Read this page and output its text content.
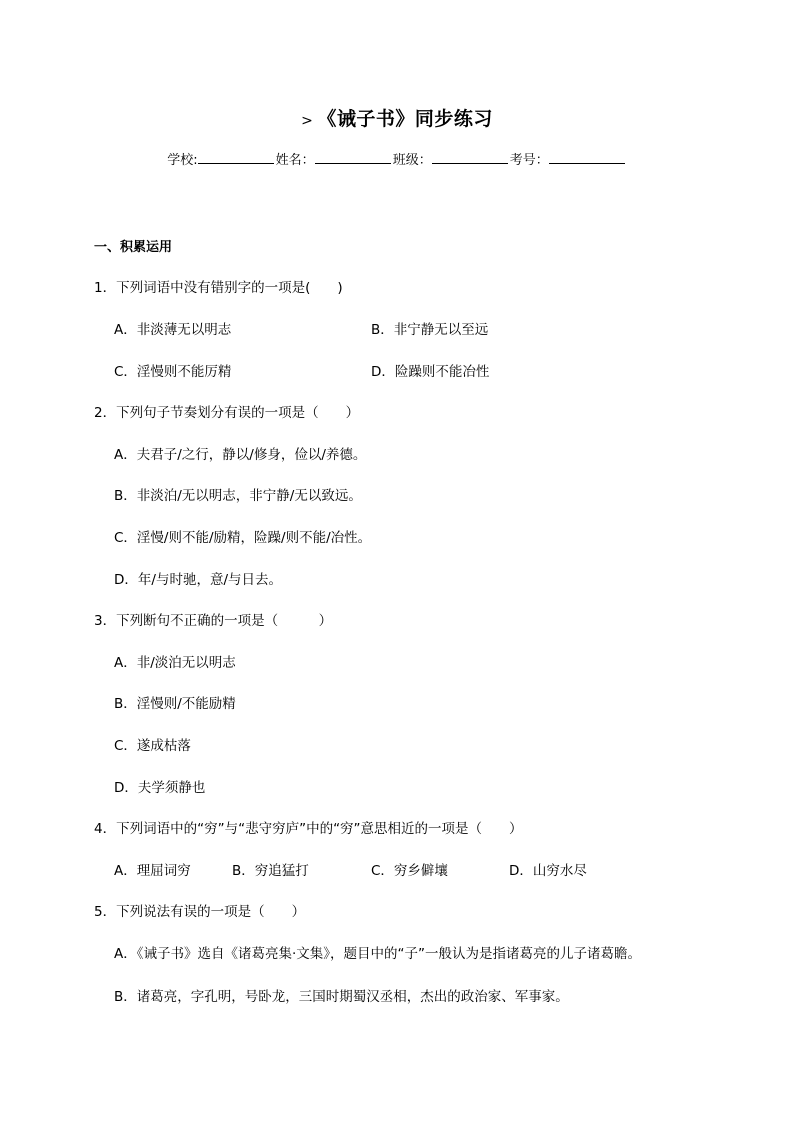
> 《诫子书》同步练习
学校:	姓名：	班级：	考号：
一、积累运用
1．下列词语中没有错别字的一项是(　　)
A．非淡薄无以明志	B．非宁静无以至远
C．淫慢则不能厉精	D．险躁则不能冶性
2．下列句子节奏划分有误的一项是（　　）
A．夫君子/之行，静以/修身，俭以/养德。
B．非淡泊/无以明志，非宁静/无以致远。
C．淫慢/则不能/励精，险躁/则不能/冶性。
D．年/与时驰，意/与日去。
3．下列断句不正确的一项是（　　　）
A．非/淡泊无以明志
B．淫慢则/不能励精
C．遂成枯落
D．夫学须静也
4．下列词语中的“穷”与“悲守穷庐”中的“穷”意思相近的一项是（　　）
A．理屈词穷	B．穷追猛打	C．穷乡僻壤	D．山穷水尽
5．下列说法有误的一项是（　　）
A．《诫子书》选自《诸葛亮集·文集》，题目中的“子”一般认为是指诸葛亮的儿子诸葛瞻。
B．诸葛亮，字孔明，号卧龙，三国时期蜀汉丞相，杰出的政治家、军事家。
